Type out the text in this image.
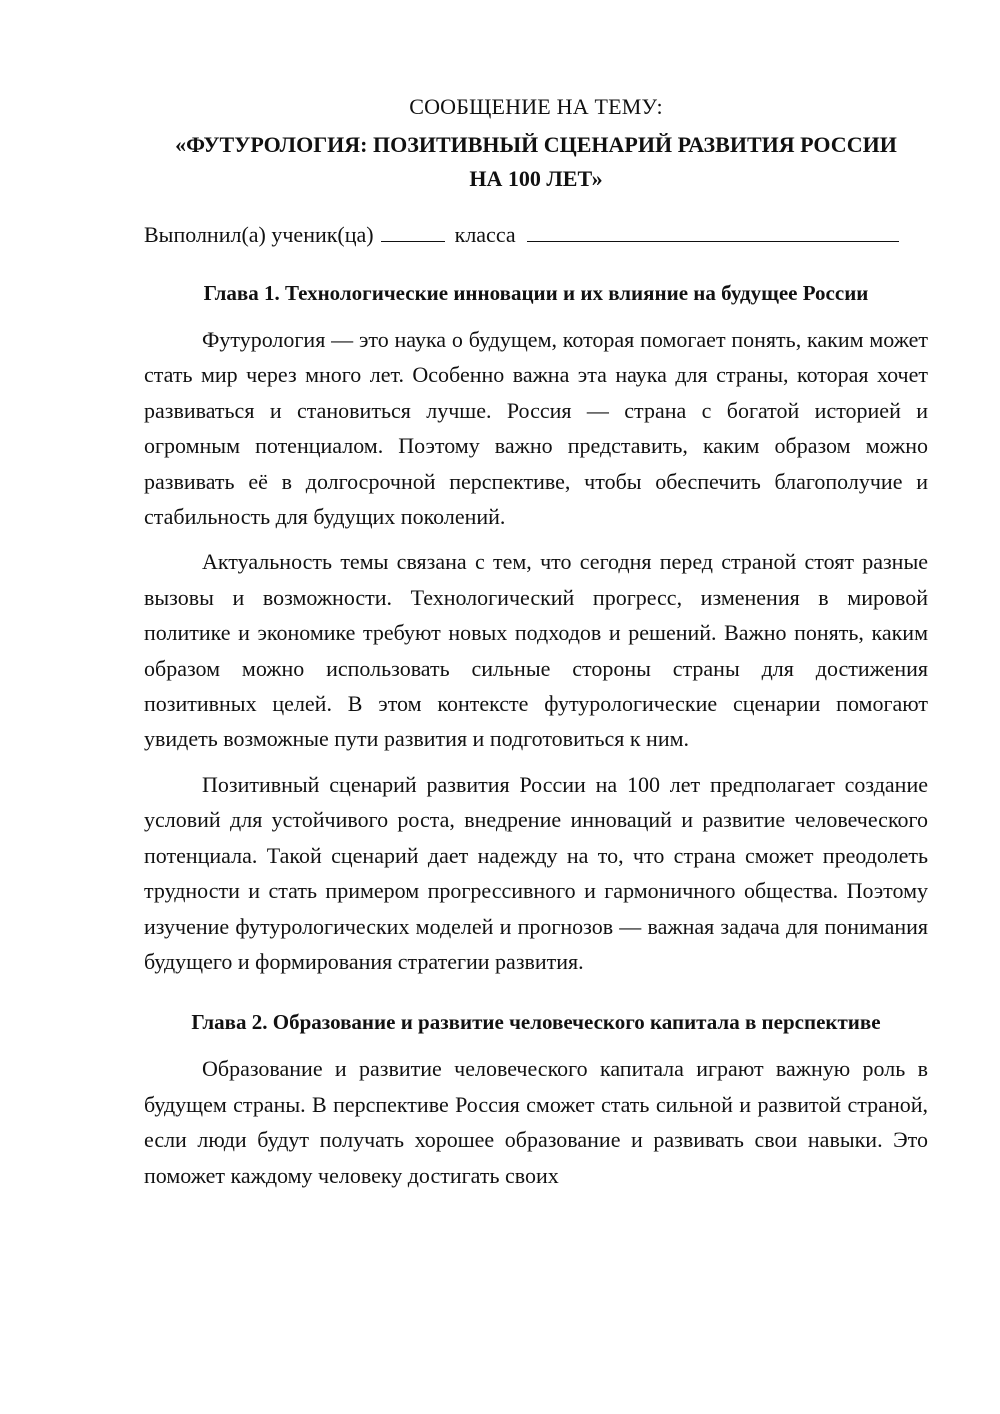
СООБЩЕНИЕ НА ТЕМУ:

«ФУТУРОЛОГИЯ: ПОЗИТИВНЫЙ СЦЕНАРИЙ РАЗВИТИЯ РОССИИ НА 100 ЛЕТ»

Выполнил(а) ученик(ца)	класса

Глава 1. Технологические инновации и их влияние на будущее России

Футурология — это наука о будущем, которая помогает понять, каким может стать мир через много лет. Особенно важна эта наука для страны, которая хочет развиваться и становиться лучше. Россия — страна с богатой историей и огромным потенциалом. Поэтому важно представить, каким образом можно развивать её в долгосрочной перспективе, чтобы обеспечить благополучие и стабильность для будущих поколений.

Актуальность темы связана с тем, что сегодня перед страной стоят разные вызовы и возможности. Технологический прогресс, изменения в мировой политике и экономике требуют новых подходов и решений. Важно понять, каким образом можно использовать сильные стороны страны для достижения позитивных целей. В этом контексте футурологические сценарии помогают увидеть возможные пути развития и подготовиться к ним.

Позитивный сценарий развития России на 100 лет предполагает создание условий для устойчивого роста, внедрение инноваций и развитие человеческого потенциала. Такой сценарий дает надежду на то, что страна сможет преодолеть трудности и стать примером прогрессивного и гармоничного общества. Поэтому изучение футурологических моделей и прогнозов — важная задача для понимания будущего и формирования стратегии развития.

Глава 2. Образование и развитие человеческого капитала в перспективе

Образование и развитие человеческого капитала играют важную роль в будущем страны. В перспективе Россия сможет стать сильной и развитой страной, если люди будут получать хорошее образование и развивать свои навыки. Это поможет каждому человеку достигать своих
